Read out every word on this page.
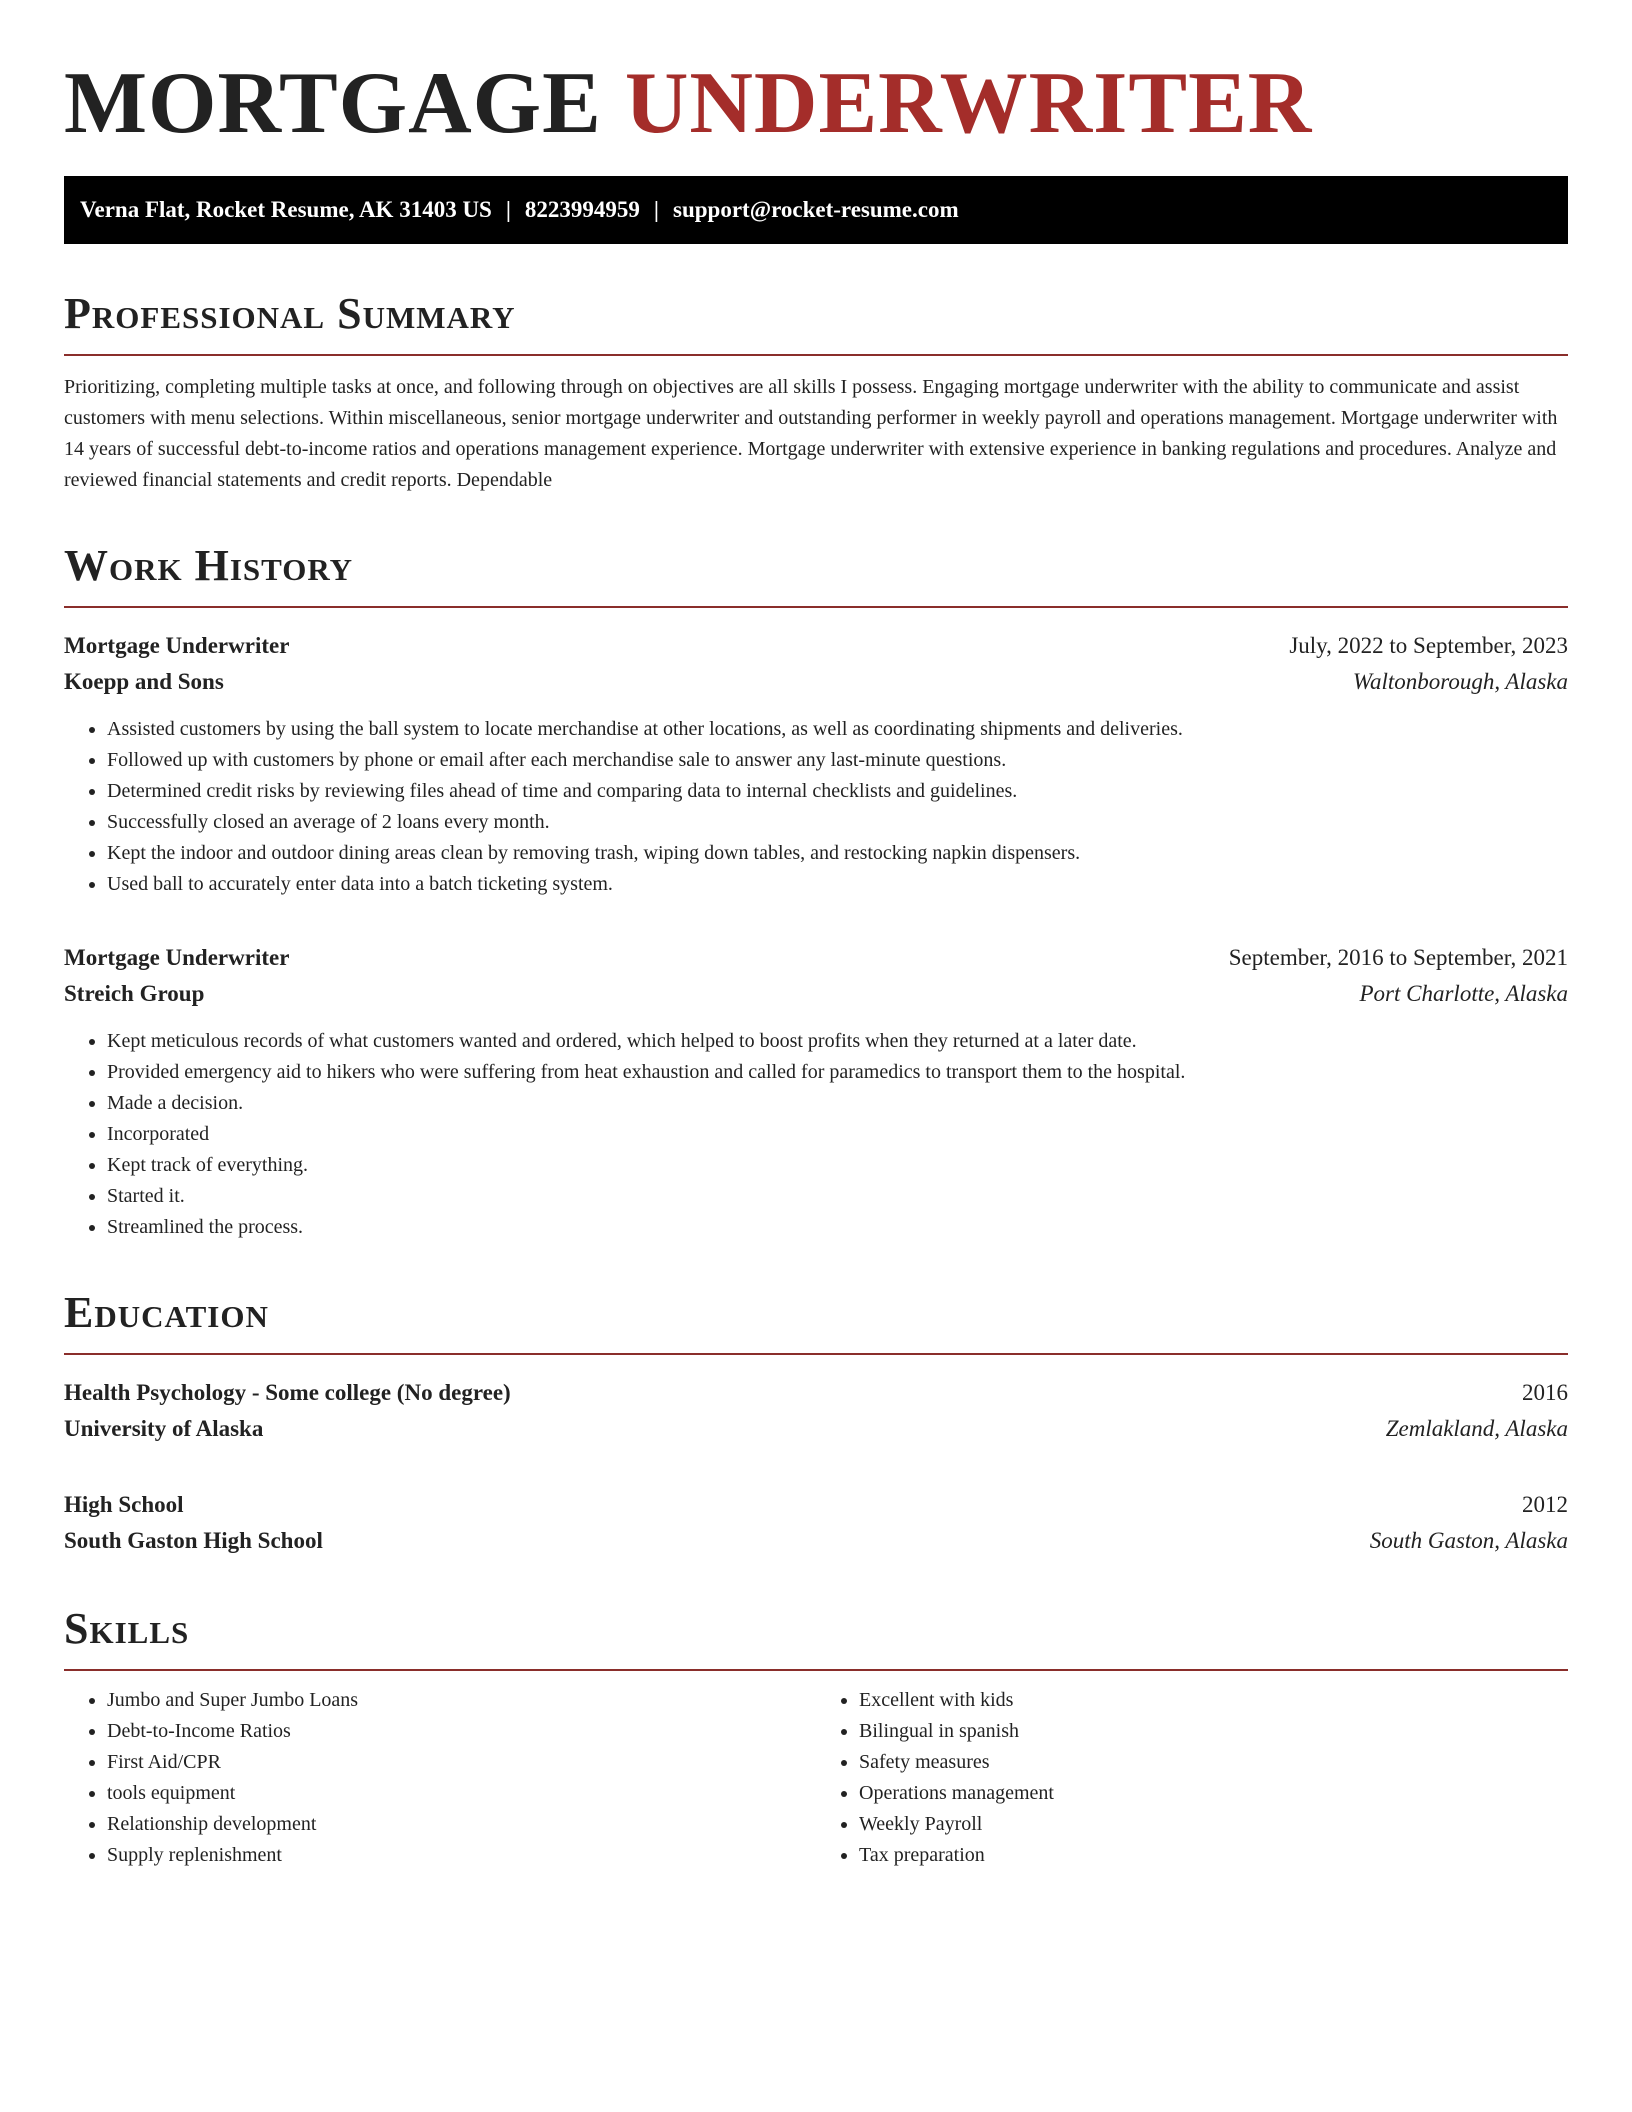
MORTGAGE UNDERWRITER
Verna Flat, Rocket Resume, AK 31403 US | 8223994959 | support@rocket-resume.com
Professional Summary

Prioritizing, completing multiple tasks at once, and following through on objectives are all skills I possess. Engaging mortgage underwriter with the ability to communicate and assist customers with menu selections. Within miscellaneous, senior mortgage underwriter and outstanding performer in weekly payroll and operations management. Mortgage underwriter with 14 years of successful debt-to-income ratios and operations management experience. Mortgage underwriter with extensive experience in banking regulations and procedures. Analyze and reviewed financial statements and credit reports. Dependable

Work History
Mortgage Underwriter	July, 2022 to September, 2023
Koepp and Sons	Waltonborough, Alaska
• Assisted customers by using the ball system to locate merchandise at other locations, as well as coordinating shipments and deliveries.
• Followed up with customers by phone or email after each merchandise sale to answer any last-minute questions.
• Determined credit risks by reviewing files ahead of time and comparing data to internal checklists and guidelines.
• Successfully closed an average of 2 loans every month.
• Kept the indoor and outdoor dining areas clean by removing trash, wiping down tables, and restocking napkin dispensers.
• Used ball to accurately enter data into a batch ticketing system.
Mortgage Underwriter	September, 2016 to September, 2021
Streich Group	Port Charlotte, Alaska
• Kept meticulous records of what customers wanted and ordered, which helped to boost profits when they returned at a later date.
• Provided emergency aid to hikers who were suffering from heat exhaustion and called for paramedics to transport them to the hospital.
• Made a decision.
• Incorporated
• Kept track of everything.
• Started it.
• Streamlined the process.
Education
Health Psychology - Some college (No degree)	2016
University of Alaska	Zemlakland, Alaska
High School	2012
South Gaston High School	South Gaston, Alaska
Skills
• Jumbo and Super Jumbo Loans
• Debt-to-Income Ratios
• First Aid/CPR
• tools equipment
• Relationship development
• Supply replenishment
• Excellent with kids
• Bilingual in spanish
• Safety measures
• Operations management
• Weekly Payroll
• Tax preparation
